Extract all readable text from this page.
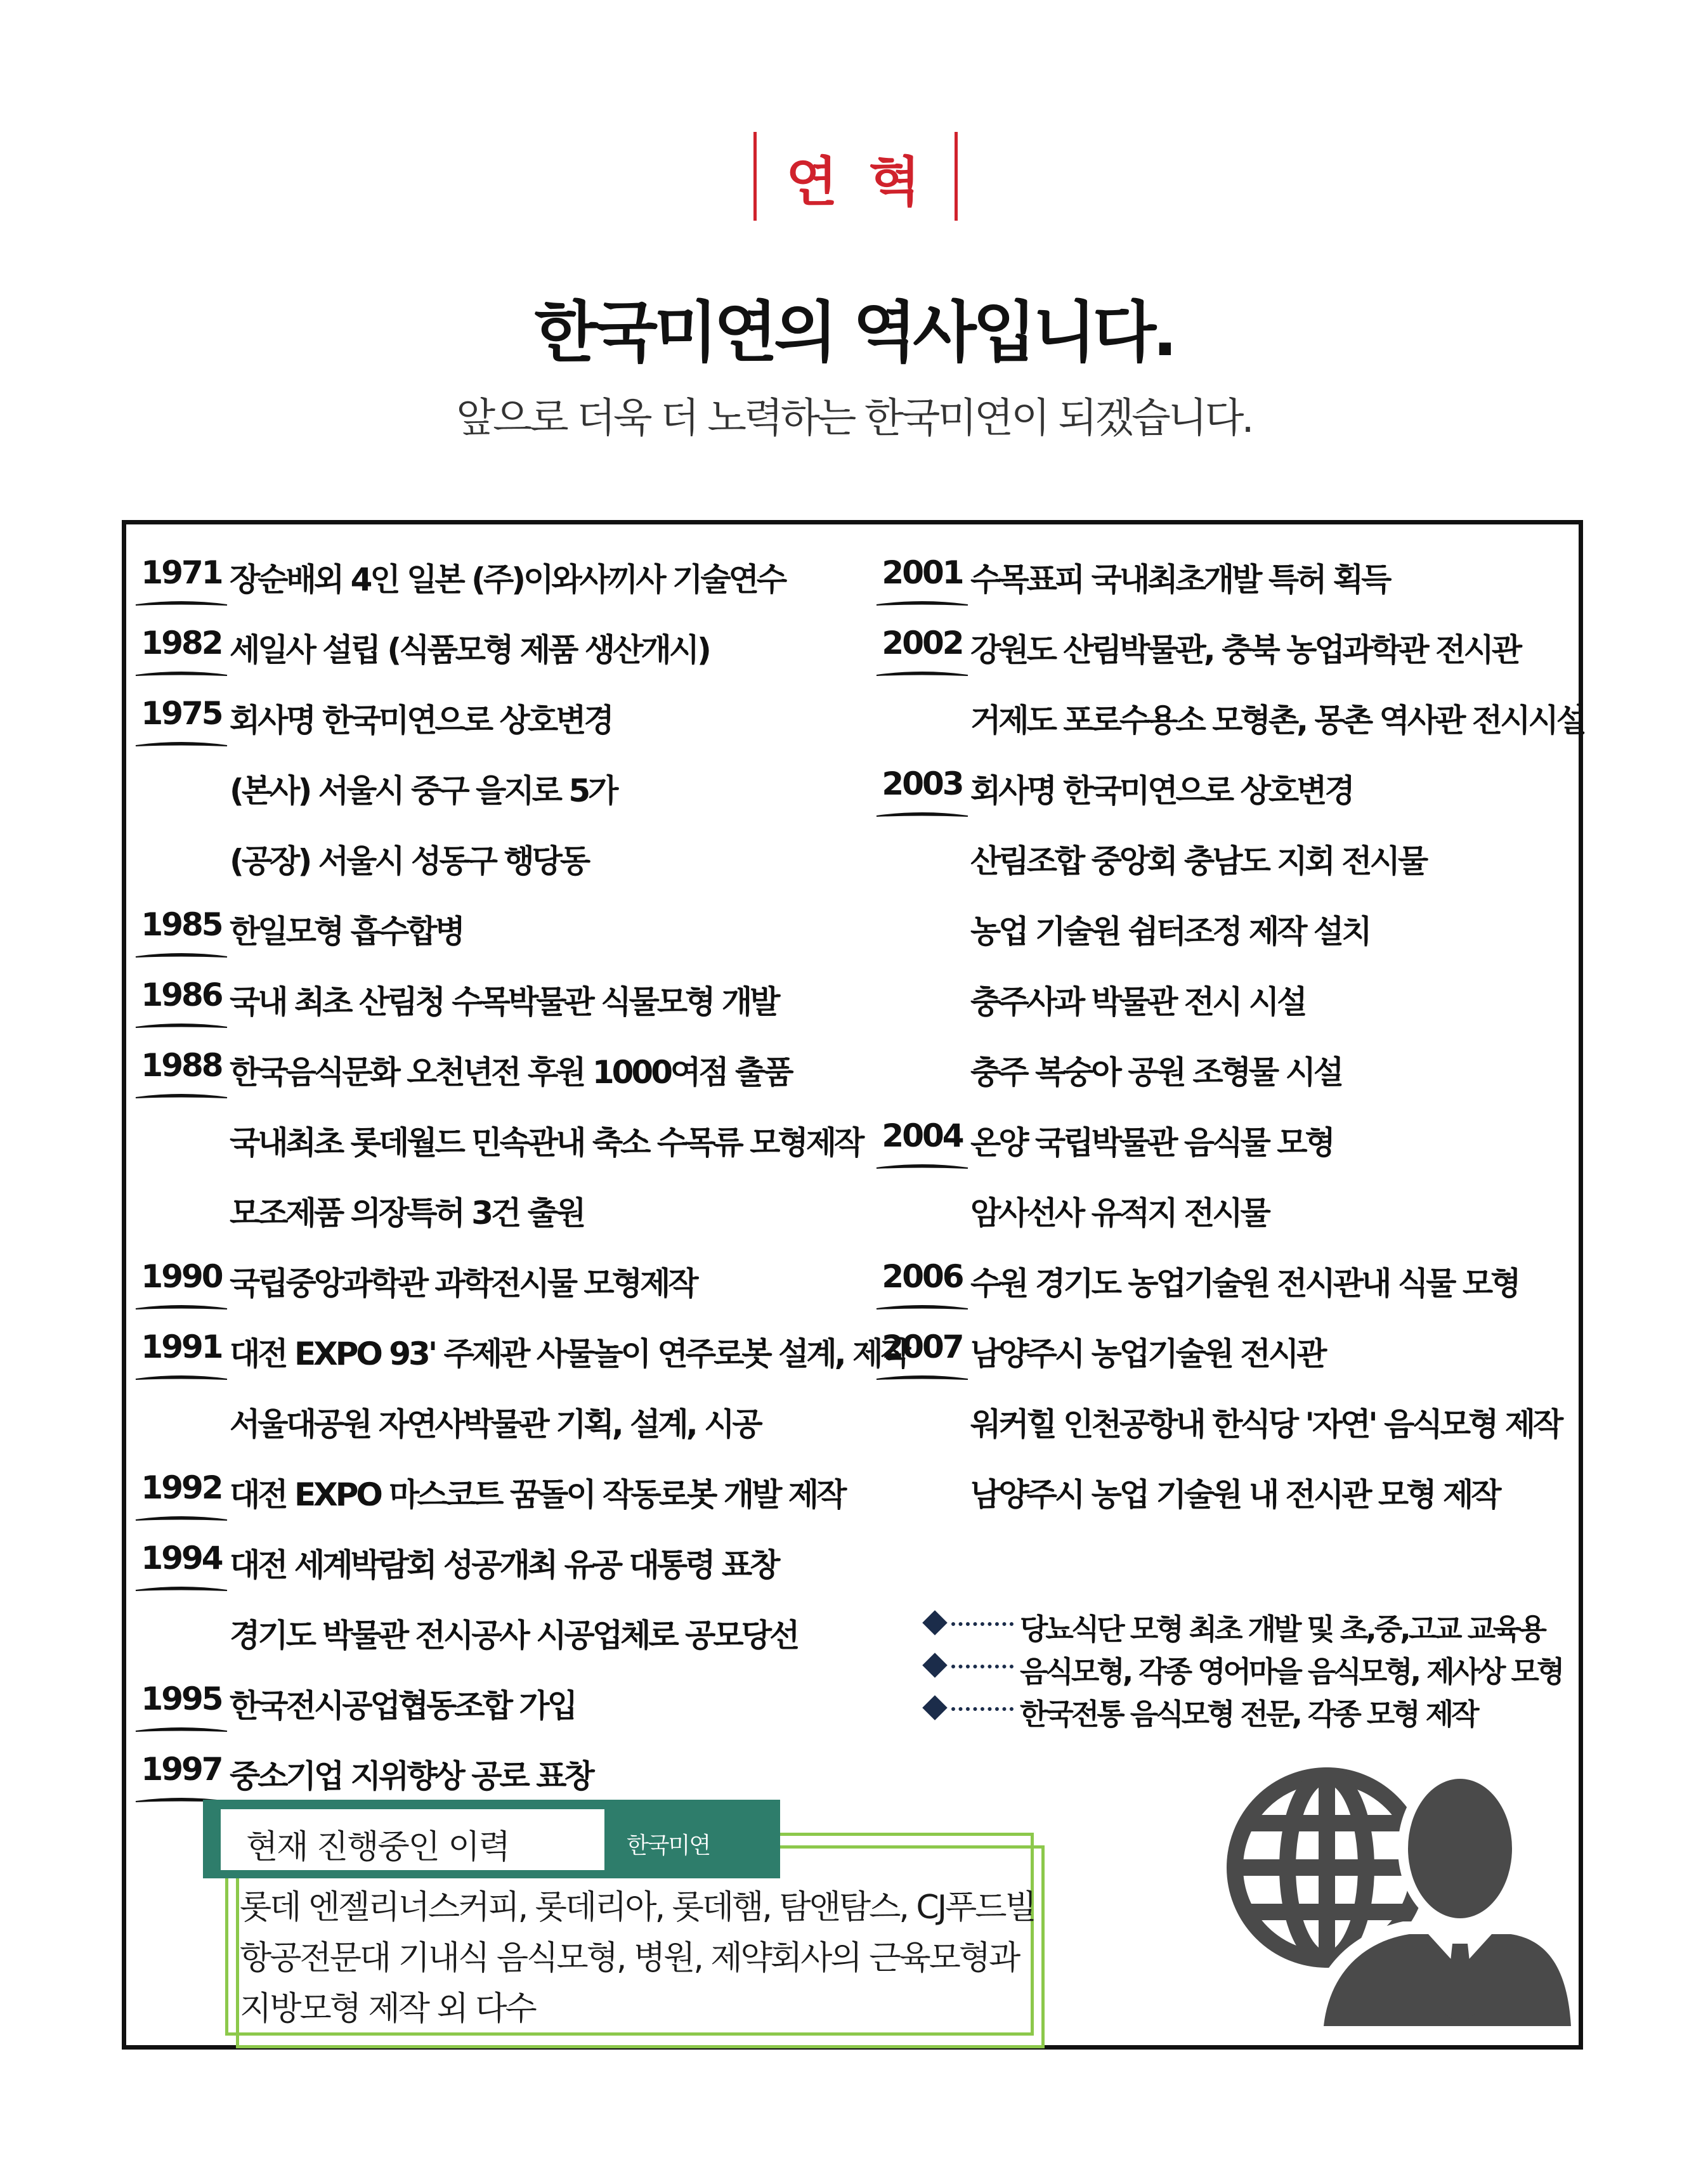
연 혁
한국미연의 역사입니다.
앞으로 더욱 더 노력하는 한국미연이 되겠습니다.
1971 장순배외 4인 일본 (주)이와사끼사 기술연수
1982 세일사 설립 (식품모형 제품 생산개시)
1975 회사명 한국미연으로 상호변경
(본사) 서울시 중구 을지로 5가
(공장) 서울시 성동구 행당동
1985 한일모형 흡수합병
1986 국내 최초 산림청 수목박물관 식물모형 개발
1988 한국음식문화 오천년전 후원 1000여점 출품
국내최초 롯데월드 민속관내 축소 수목류 모형제작
모조제품 의장특허 3건 출원
1990 국립중앙과학관 과학전시물 모형제작
1991 대전 EXPO 93' 주제관 사물놀이 연주로봇 설계, 제작
서울대공원 자연사박물관 기획, 설계, 시공
1992 대전 EXPO 마스코트 꿈돌이 작동로봇 개발 제작
1994 대전 세계박람회 성공개최 유공 대통령 표창
경기도 박물관 전시공사 시공업체로 공모당선
1995 한국전시공업협동조합 가입
1997 중소기업 지위향상 공로 표창
2001 수목표피 국내최초개발 특허 획득
2002 강원도 산림박물관, 충북 농업과학관 전시관
거제도 포로수용소 모형촌, 몽촌 역사관 전시시설
2003 회사명 한국미연으로 상호변경
산림조합 중앙회 충남도 지회 전시물
농업 기술원 쉼터조정 제작 설치
충주사과 박물관 전시 시설
충주 복숭아 공원 조형물 시설
2004 온양 국립박물관 음식물 모형
암사선사 유적지 전시물
2006 수원 경기도 농업기술원 전시관내 식물 모형
2007 남양주시 농업기술원 전시관
워커힐 인천공항내 한식당 '자연' 음식모형 제작
남양주시 농업 기술원 내 전시관 모형 제작
당뇨식단 모형 최초 개발 및 초,중,고교 교육용
음식모형, 각종 영어마을 음식모형, 제사상 모형
한국전통 음식모형 전문, 각종 모형 제작
현재 진행중인 이력	한국미연
롯데 엔젤리너스커피, 롯데리아, 롯데햄, 탐앤탐스, CJ푸드빌
항공전문대 기내식 음식모형, 병원, 제약회사의 근육모형과
지방모형 제작 외 다수
